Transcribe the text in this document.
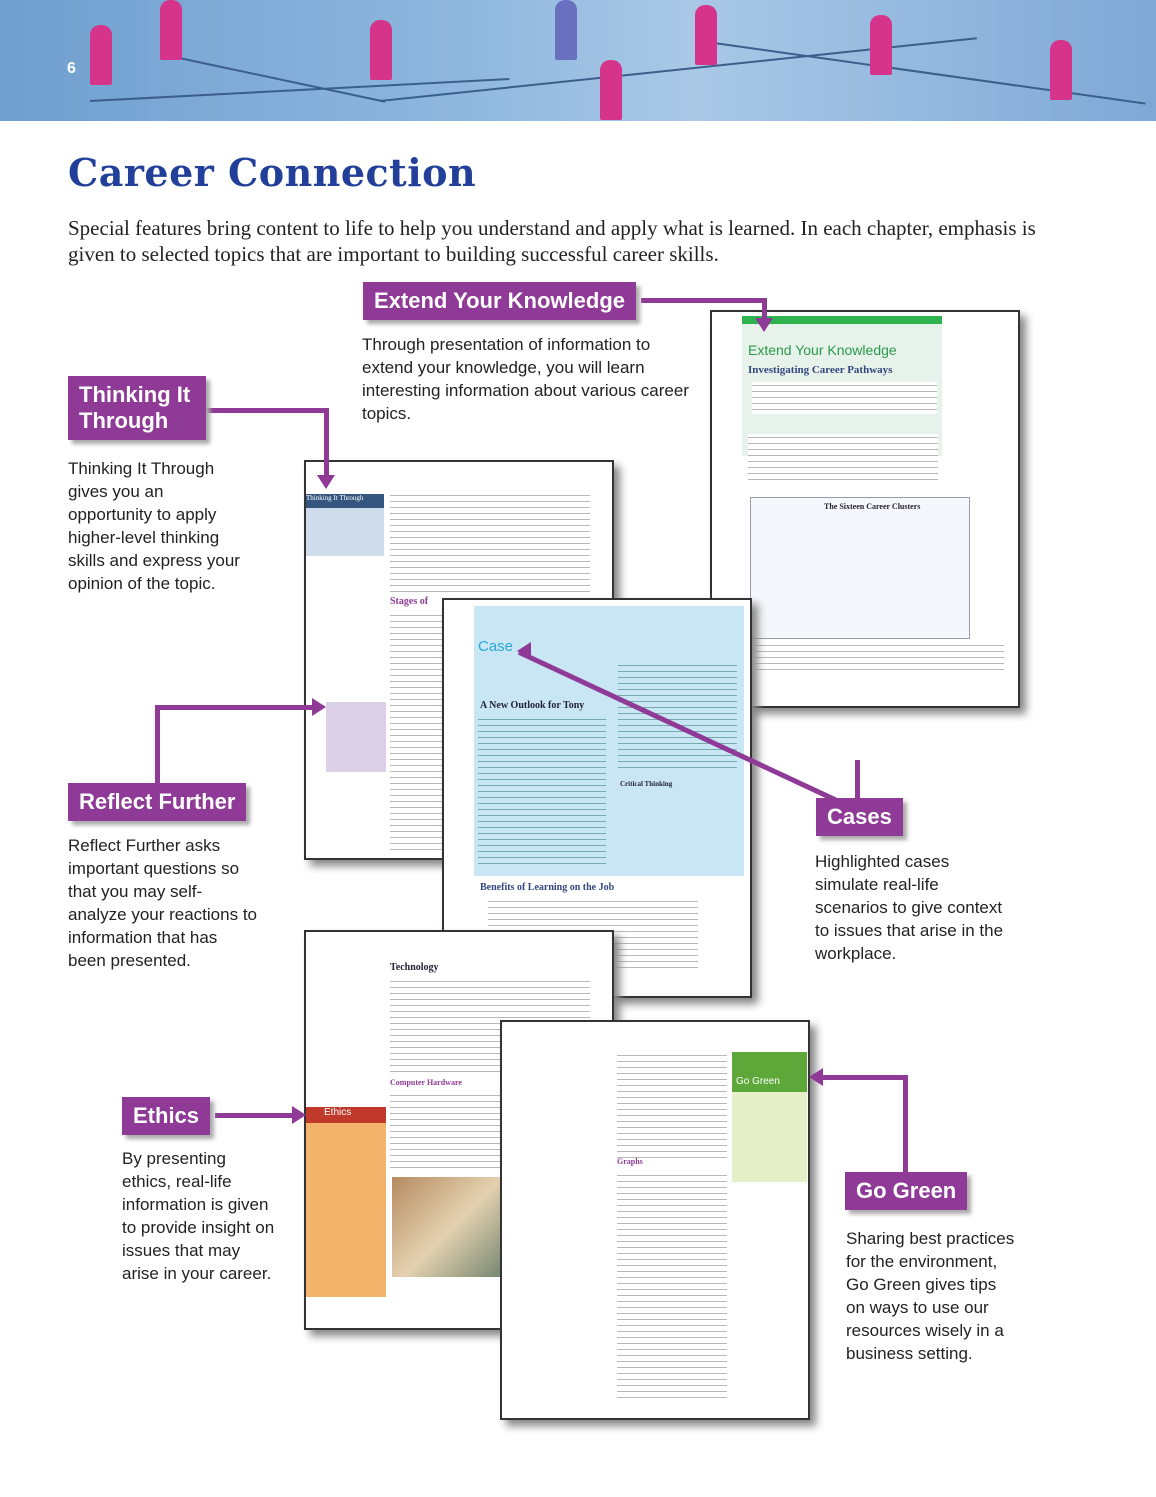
6
Career Connection

Special features bring content to life to help you understand and apply what is learned. In each chapter, emphasis is given to selected topics that are important to building successful career skills.

Extend Your Knowledge
Investigating Career Pathways
The Sixteen Career Clusters
Thinking It Through
Stages of
Case
A New Outlook for Tony
Critical Thinking
Benefits of Learning on the Job
Ethics
Technology
Computer Hardware	Go Green
Graphs
Extend Your Knowledge
Through presentation of information to extend your knowledge, you will learn interesting information about various career topics.
Thinking It Through
Thinking It Through gives you an opportunity to apply higher-level thinking skills and express your opinion of the topic.
Reflect Further
Reflect Further asks important questions so that you may self-analyze your reactions to information that has been presented.
Cases
Highlighted cases simulate real-life scenarios to give context to issues that arise in the workplace.
Ethics
By presenting ethics, real-life information is given to provide insight on issues that may arise in your career.
Go Green
Sharing best practices for the environment, Go Green gives tips on ways to use our resources wisely in a business setting.
